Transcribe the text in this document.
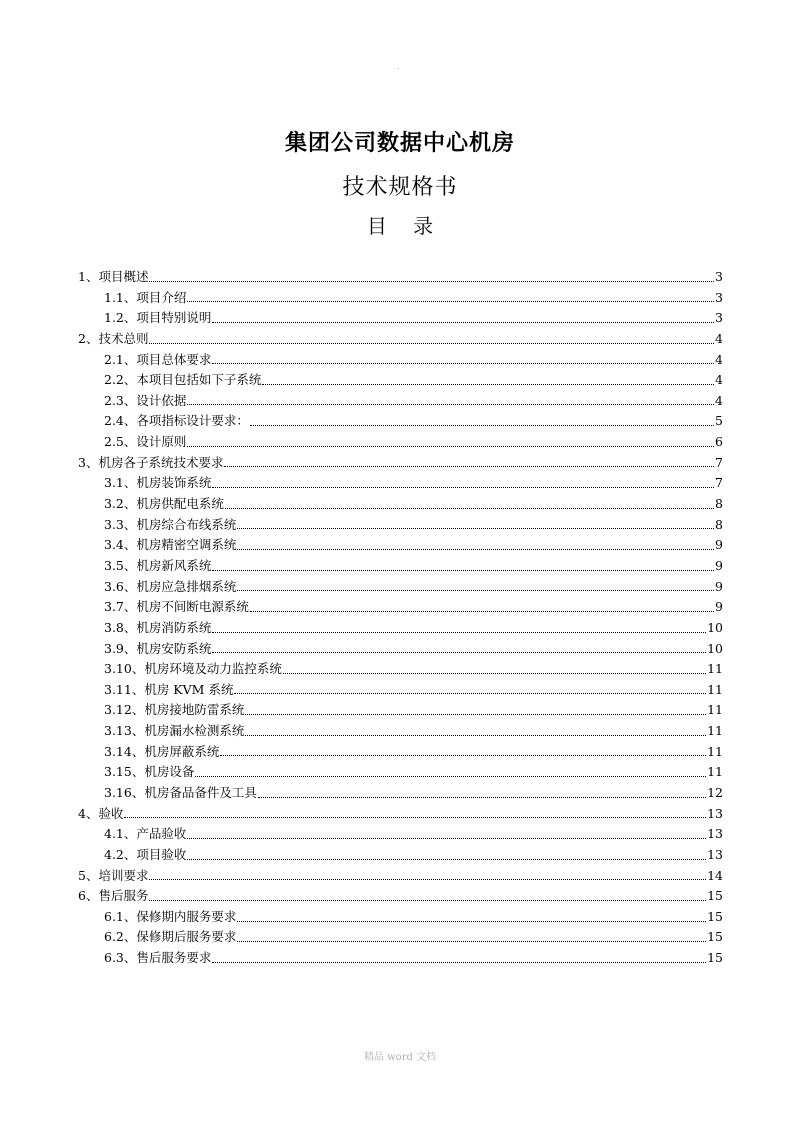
.
集团公司数据中心机房
技术规格书
目 录
1、项目概述	3
1.1、项目介绍	3
1.2、项目特别说明	3
2、技术总则	4
2.1、项目总体要求	4
2.2、本项目包括如下子系统	4
2.3、设计依据	4
2.4、各项指标设计要求：	5
2.5、设计原则	6
3、机房各子系统技术要求	7
3.1、机房装饰系统	7
3.2、机房供配电系统	8
3.3、机房综合布线系统	8
3.4、机房精密空调系统	9
3.5、机房新风系统	9
3.6、机房应急排烟系统	9
3.7、机房不间断电源系统	9
3.8、机房消防系统	10
3.9、机房安防系统	10
3.10、机房环境及动力监控系统	11
3.11、机房 KVM 系统	11
3.12、机房接地防雷系统	11
3.13、机房漏水检测系统	11
3.14、机房屏蔽系统	11
3.15、机房设备	11
3.16、机房备品备件及工具	12
4、验收	13
4.1、产品验收	13
4.2、项目验收	13
5、培训要求	14
6、售后服务	15
6.1、保修期内服务要求	15
6.2、保修期后服务要求	15
6.3、售后服务要求	15
精品 word 文档
